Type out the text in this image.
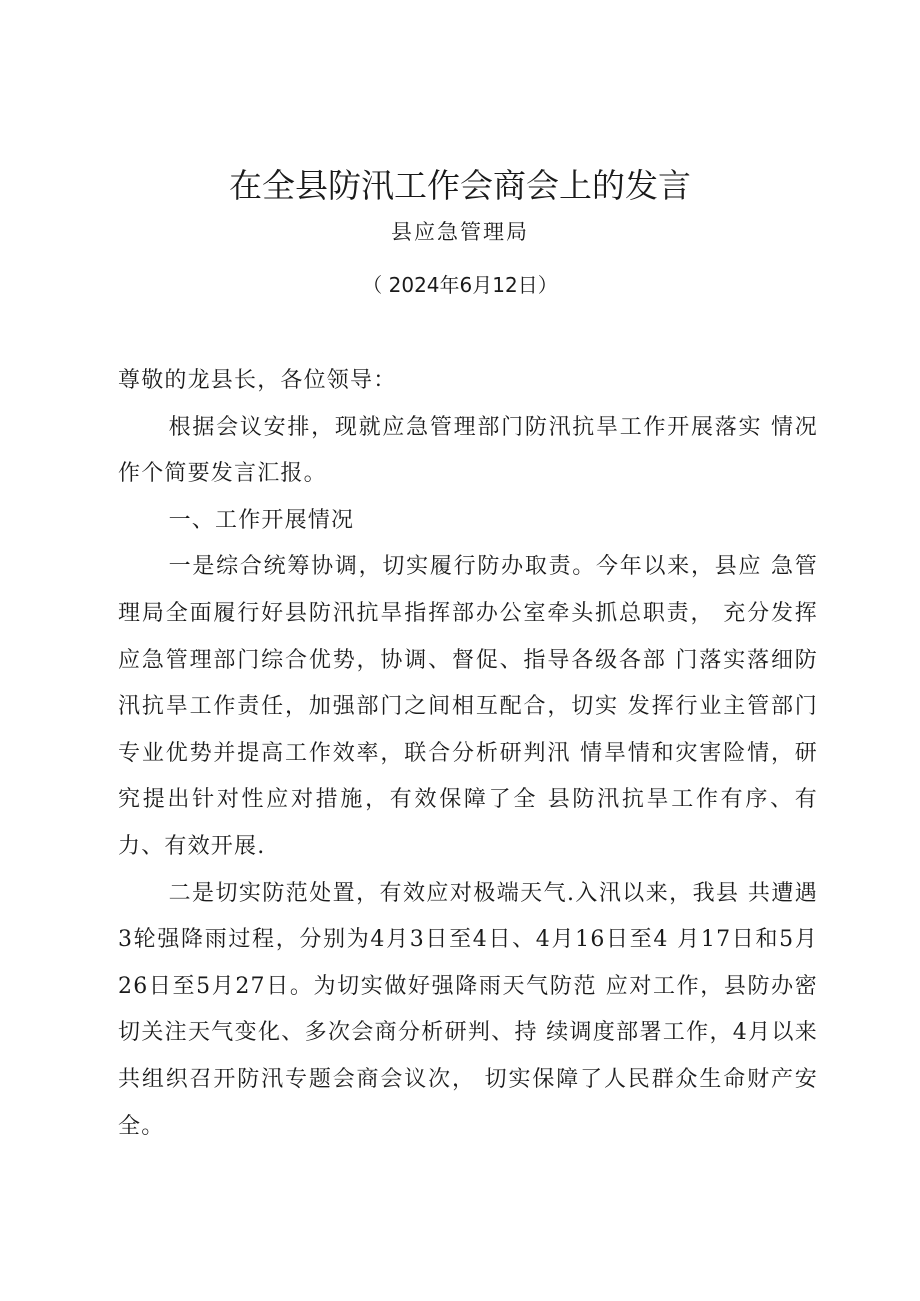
在全县防汛工作会商会上的发言
县应急管理局
（ 2024年6月12日）

尊敬的龙县长，各位领导：

根据会议安排，现就应急管理部门防汛抗旱工作开展落实 情况作个简要发言汇报。

一、工作开展情况

一是综合统筹协调，切实履行防办取责。今年以来，县应 急管理局全面履行好县防汛抗旱指挥部办公室牵头抓总职责， 充分发挥应急管理部门综合优势，协调、督促、指导各级各部 门落实落细防汛抗旱工作责任，加强部门之间相互配合，切实 发挥行业主管部门专业优势并提高工作效率，联合分析研判汛 情旱情和灾害险情，研究提出针对性应对措施，有效保障了全 县防汛抗旱工作有序、有力、有效开展.

二是切实防范处置，有效应对极端天气.入汛以来，我县 共遭遇3轮强降雨过程，分别为4月3日至4日、4月16日至4 月17日和5月26日至5月27日。为切实做好强降雨天气防范 应对工作，县防办密切关注天气变化、多次会商分析研判、持 续调度部署工作，4月以来共组织召开防汛专题会商会议次， 切实保障了人民群众生命财产安全。
